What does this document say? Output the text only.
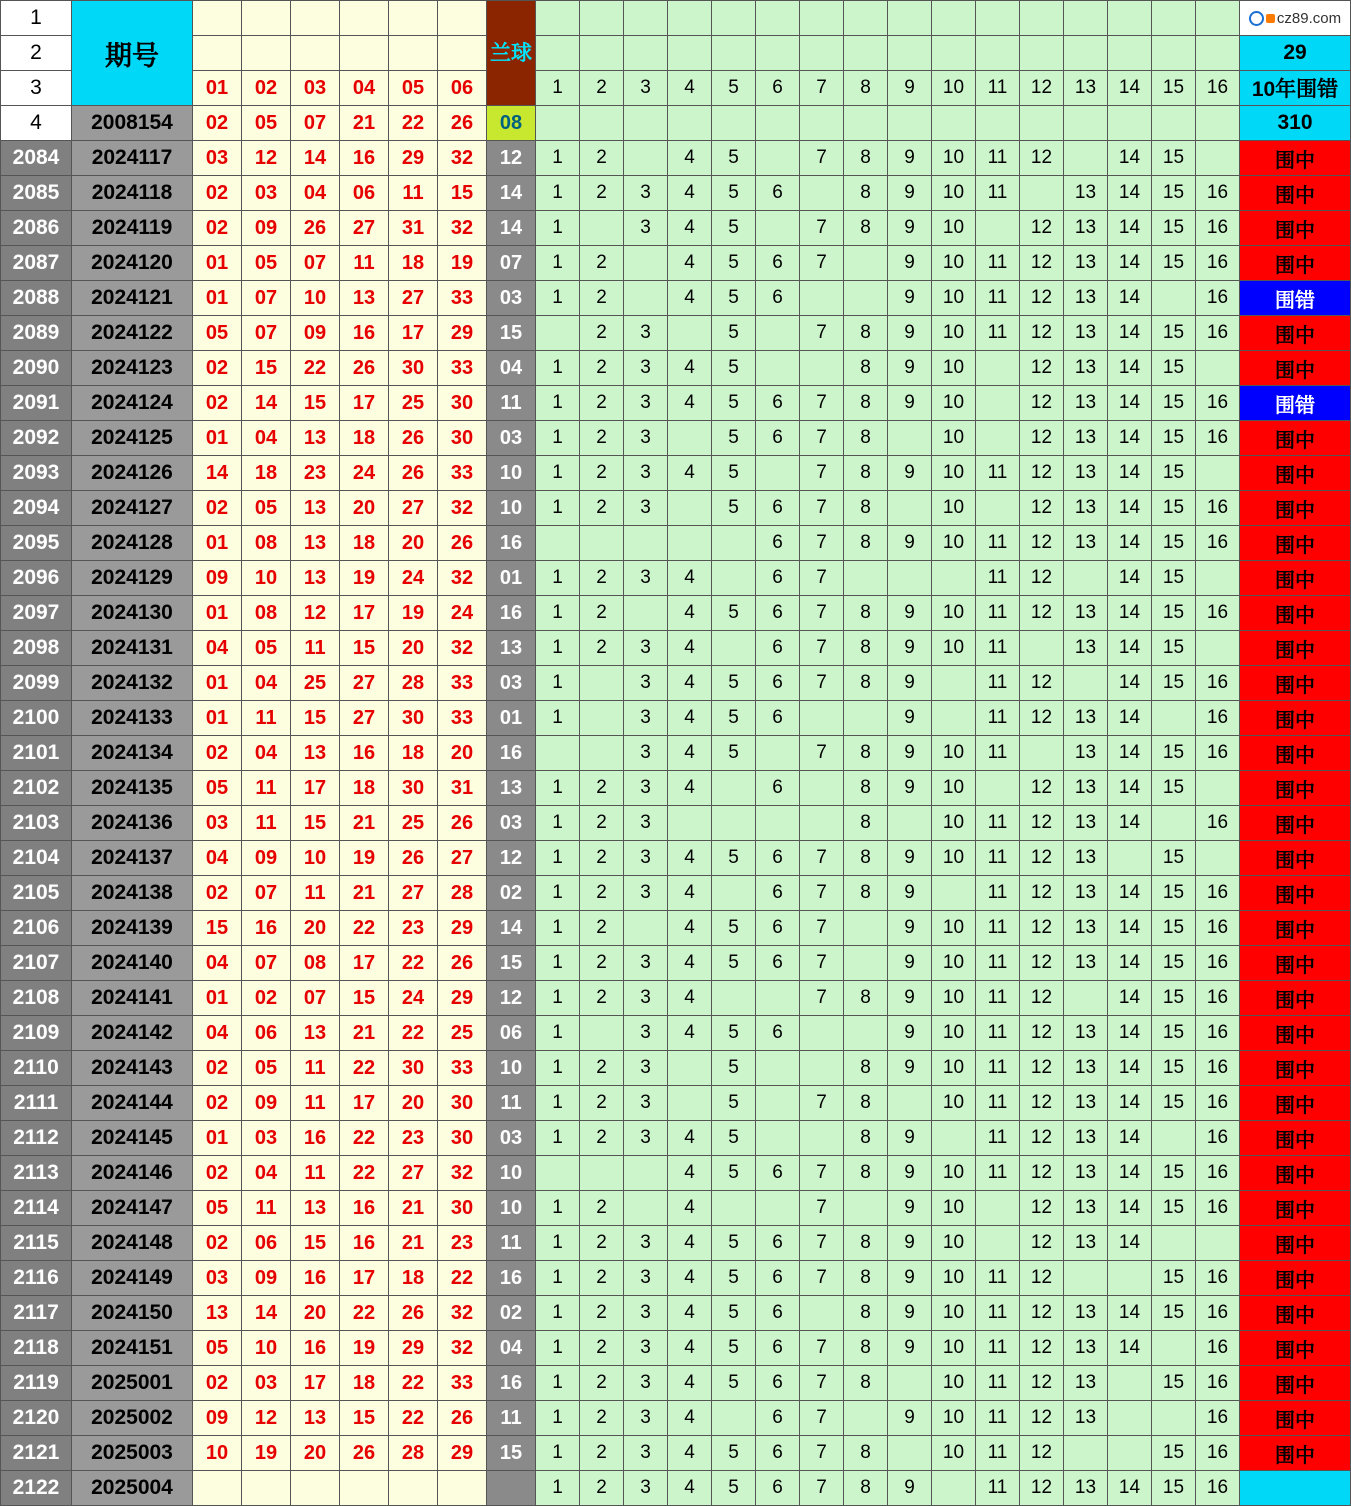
1	期号							兰球																	cz89.com

2																									29
3		01	02	03	04	05	06		1	2	3	4	5	6	7	8	9	10	11	12	13	14	15	16	10年围错
4	2008154	02	05	07	21	22	26	08																	310
2084	2024117	03	12	14	16	29	32	12	1	2		4	5		7	8	9	10	11	12		14	15		围中
2085	2024118	02	03	04	06	11	15	14	1	2	3	4	5	6		8	9	10	11		13	14	15	16	围中
2086	2024119	02	09	26	27	31	32	14	1		3	4	5		7	8	9	10		12	13	14	15	16	围中
2087	2024120	01	05	07	11	18	19	07	1	2		4	5	6	7		9	10	11	12	13	14	15	16	围中
2088	2024121	01	07	10	13	27	33	03	1	2		4	5	6			9	10	11	12	13	14		16	围错
2089	2024122	05	07	09	16	17	29	15		2	3		5		7	8	9	10	11	12	13	14	15	16	围中
2090	2024123	02	15	22	26	30	33	04	1	2	3	4	5			8	9	10		12	13	14	15		围中
2091	2024124	02	14	15	17	25	30	11	1	2	3	4	5	6	7	8	9	10		12	13	14	15	16	围错
2092	2024125	01	04	13	18	26	30	03	1	2	3		5	6	7	8		10		12	13	14	15	16	围中
2093	2024126	14	18	23	24	26	33	10	1	2	3	4	5		7	8	9	10	11	12	13	14	15		围中
2094	2024127	02	05	13	20	27	32	10	1	2	3		5	6	7	8		10		12	13	14	15	16	围中
2095	2024128	01	08	13	18	20	26	16						6	7	8	9	10	11	12	13	14	15	16	围中
2096	2024129	09	10	13	19	24	32	01	1	2	3	4		6	7				11	12		14	15		围中
2097	2024130	01	08	12	17	19	24	16	1	2		4	5	6	7	8	9	10	11	12	13	14	15	16	围中
2098	2024131	04	05	11	15	20	32	13	1	2	3	4		6	7	8	9	10	11		13	14	15		围中
2099	2024132	01	04	25	27	28	33	03	1		3	4	5	6	7	8	9		11	12		14	15	16	围中
2100	2024133	01	11	15	27	30	33	01	1		3	4	5	6			9		11	12	13	14		16	围中
2101	2024134	02	04	13	16	18	20	16			3	4	5		7	8	9	10	11		13	14	15	16	围中
2102	2024135	05	11	17	18	30	31	13	1	2	3	4		6		8	9	10		12	13	14	15		围中
2103	2024136	03	11	15	21	25	26	03	1	2	3					8		10	11	12	13	14		16	围中
2104	2024137	04	09	10	19	26	27	12	1	2	3	4	5	6	7	8	9	10	11	12	13		15		围中
2105	2024138	02	07	11	21	27	28	02	1	2	3	4		6	7	8	9		11	12	13	14	15	16	围中
2106	2024139	15	16	20	22	23	29	14	1	2		4	5	6	7		9	10	11	12	13	14	15	16	围中
2107	2024140	04	07	08	17	22	26	15	1	2	3	4	5	6	7		9	10	11	12	13	14	15	16	围中
2108	2024141	01	02	07	15	24	29	12	1	2	3	4			7	8	9	10	11	12		14	15	16	围中
2109	2024142	04	06	13	21	22	25	06	1		3	4	5	6			9	10	11	12	13	14	15	16	围中
2110	2024143	02	05	11	22	30	33	10	1	2	3		5			8	9	10	11	12	13	14	15	16	围中
2111	2024144	02	09	11	17	20	30	11	1	2	3		5		7	8		10	11	12	13	14	15	16	围中
2112	2024145	01	03	16	22	23	30	03	1	2	3	4	5			8	9		11	12	13	14		16	围中
2113	2024146	02	04	11	22	27	32	10				4	5	6	7	8	9	10	11	12	13	14	15	16	围中
2114	2024147	05	11	13	16	21	30	10	1	2		4			7		9	10		12	13	14	15	16	围中
2115	2024148	02	06	15	16	21	23	11	1	2	3	4	5	6	7	8	9	10		12	13	14			围中
2116	2024149	03	09	16	17	18	22	16	1	2	3	4	5	6	7	8	9	10	11	12			15	16	围中
2117	2024150	13	14	20	22	26	32	02	1	2	3	4	5	6		8	9	10	11	12	13	14	15	16	围中
2118	2024151	05	10	16	19	29	32	04	1	2	3	4	5	6	7	8	9	10	11	12	13	14		16	围中
2119	2025001	02	03	17	18	22	33	16	1	2	3	4	5	6	7	8		10	11	12	13		15	16	围中
2120	2025002	09	12	13	15	22	26	11	1	2	3	4		6	7		9	10	11	12	13			16	围中
2121	2025003	10	19	20	26	28	29	15	1	2	3	4	5	6	7	8		10	11	12			15	16	围中
2122	2025004								1	2	3	4	5	6	7	8	9		11	12	13	14	15	16	
